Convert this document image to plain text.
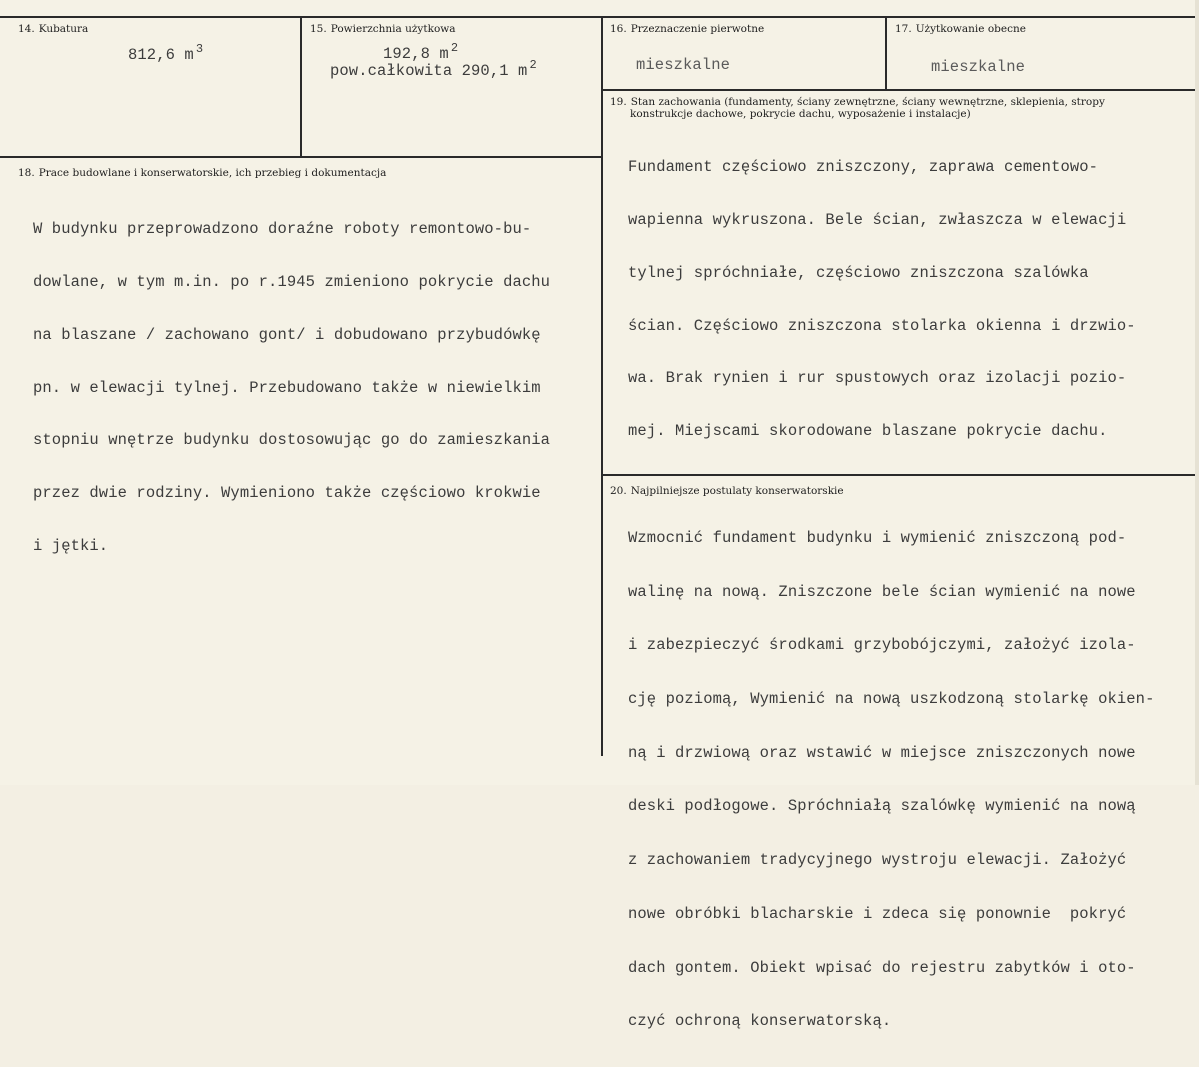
14. Kubatura
812,6 m $^3$
15. Powierzchnia użytkowa
192,8 m $^2$
pow.całkowita 290,1 m $^2$
16. Przeznaczenie pierwotne
mieszkalne
17. Użytkowanie obecne
mieszkalne
19. Stan zachowania (fundamenty, ściany zewnętrzne, ściany wewnętrzne, sklepienia, stropy
konstrukcje dachowe, pokrycie dachu, wyposażenie i instalacje)

Fundament częściowo zniszczony, zaprawa cementowo-

wapienna wykruszona. Bele ścian, zwłaszcza w elewacji

tylnej spróchniałe, częściowo zniszczona szalówka

ścian. Częściowo zniszczona stolarka okienna i drzwio-

wa. Brak rynien i rur spustowych oraz izolacji pozio-

mej. Miejscami skorodowane blaszane pokrycie dachu.

18. Prace budowlane i konserwatorskie, ich przebieg i dokumentacja

W budynku przeprowadzono doraźne roboty remontowo-bu-

dowlane, w tym m.in. po r.1945 zmieniono pokrycie dachu

na blaszane / zachowano gont/ i dobudowano przybudówkę

pn. w elewacji tylnej. Przebudowano także w niewielkim

stopniu wnętrze budynku dostosowując go do zamieszkania

przez dwie rodziny. Wymieniono także częściowo krokwie

i jętki.

20. Najpilniejsze postulaty konserwatorskie

Wzmocnić fundament budynku i wymienić zniszczoną pod-

walinę na nową. Zniszczone bele ścian wymienić na nowe

i zabezpieczyć środkami grzybobójczymi, założyć izola-

cję poziomą, Wymienić na nową uszkodzoną stolarkę okien-

ną i drzwiową oraz wstawić w miejsce zniszczonych nowe

deski podłogowe. Spróchniałą szalówkę wymienić na nową

z zachowaniem tradycyjnego wystroju elewacji. Założyć

nowe obróbki blacharskie i zdeca się ponownie  pokryć

dach gontem. Obiekt wpisać do rejestru zabytków i oto-

czyć ochroną konserwatorską.
